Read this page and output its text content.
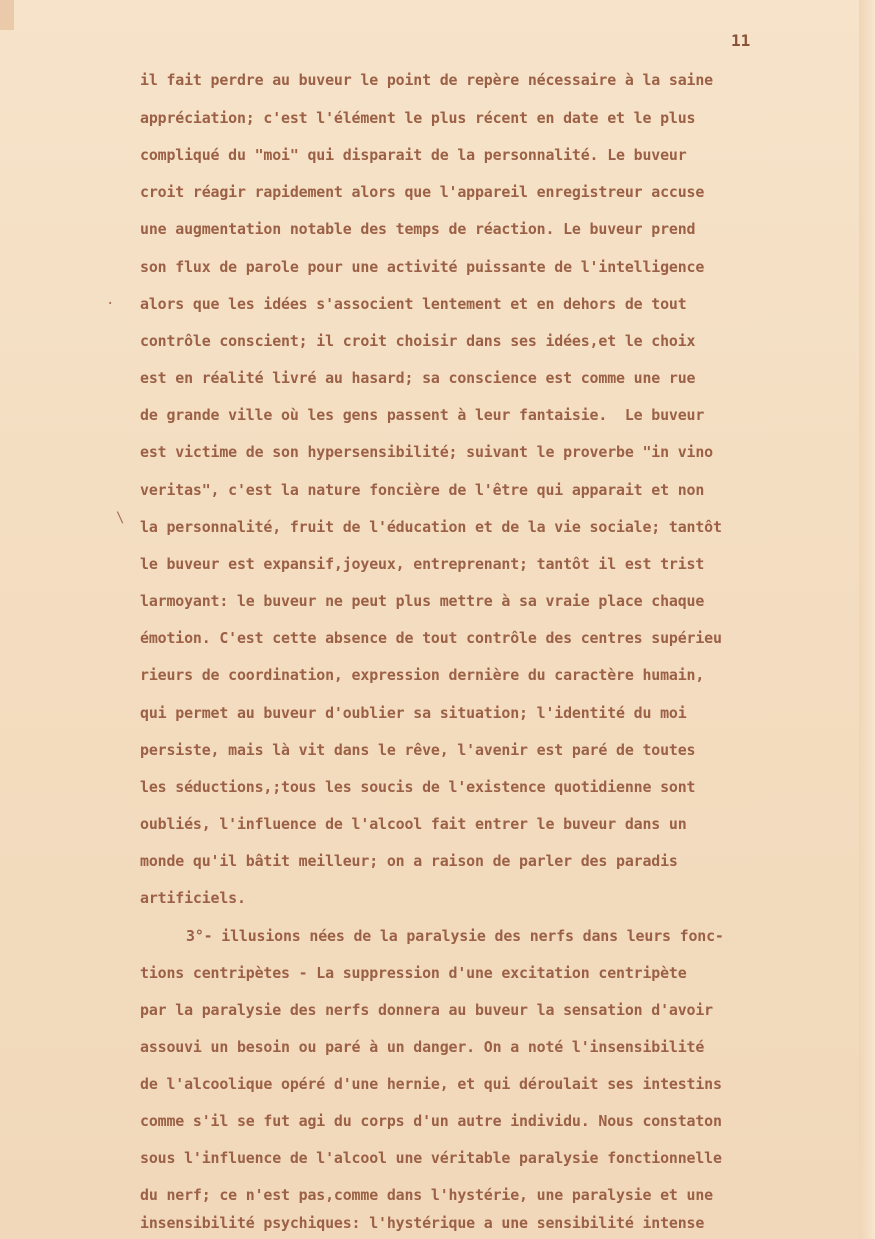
11
il fait perdre au buveur le point de repère nécessaire à la saine
appréciation; c'est l'élément le plus récent en date et le plus
compliqué du "moi" qui disparait de la personnalité. Le buveur
croit réagir rapidement alors que l'appareil enregistreur accuse
une augmentation notable des temps de réaction. Le buveur prend
son flux de parole pour une activité puissante de l'intelligence
alors que les idées s'associent lentement et en dehors de tout
contrôle conscient; il croit choisir dans ses idées,et le choix
est en réalité livré au hasard; sa conscience est comme une rue
de grande ville où les gens passent à leur fantaisie.  Le buveur
est victime de son hypersensibilité; suivant le proverbe "in vino
veritas", c'est la nature foncière de l'être qui apparait et non
la personnalité, fruit de l'éducation et de la vie sociale; tantôt
le buveur est expansif,joyeux, entreprenant; tantôt il est trist
larmoyant: le buveur ne peut plus mettre à sa vraie place chaque
émotion. C'est cette absence de tout contrôle des centres supérieu
rieurs de coordination, expression dernière du caractère humain,
qui permet au buveur d'oublier sa situation; l'identité du moi
persiste, mais là vit dans le rêve, l'avenir est paré de toutes
les séductions,;tous les soucis de l'existence quotidienne sont
oubliés, l'influence de l'alcool fait entrer le buveur dans un
monde qu'il bâtit meilleur; on a raison de parler des paradis
artificiels.
3°- illusions nées de la paralysie des nerfs dans leurs fonc-
tions centripètes - La suppression d'une excitation centripète
par la paralysie des nerfs donnera au buveur la sensation d'avoir
assouvi un besoin ou paré à un danger. On a noté l'insensibilité
de l'alcoolique opéré d'une hernie, et qui déroulait ses intestins
comme s'il se fut agi du corps d'un autre individu. Nous constaton
sous l'influence de l'alcool une véritable paralysie fonctionnelle
du nerf; ce n'est pas,comme dans l'hystérie, une paralysie et une
insensibilité psychiques: l'hystérique a une sensibilité intense
.
\
